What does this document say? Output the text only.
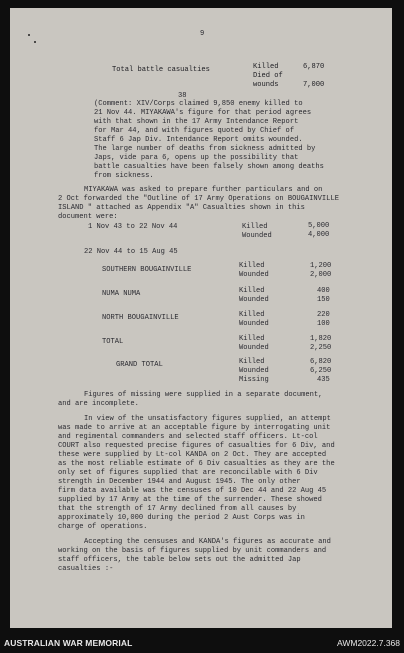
9
Total battle casualties	Killed	6,870
Died of wounds	7,000
38
(Comment: XIV/Corps claimed 9,850 enemy killed to
21 Nov 44. MIYAKAWA's figure for that period agrees
with that shown in the 17 Army Intendance Report
for Mar 44, and with figures quoted by Chief of
Staff 6 Jap Div. Intendance Report omits wounded.
The large number of deaths from sickness admitted by
Japs, vide para 6, opens up the possibility that
battle casualties have been falsely shown among deaths
from sickness.
MIYAKAWA was asked to prepare further particulars and on
2 Oct forwarded the "Outline of 17 Army Operations on BOUGAINVILLE
ISLAND " attached as Appendix "A" Casualties shown in this
document were:
1 Nov 43 to 22 Nov 44	Killed	5,000
Wounded	4,000
22 Nov 44 to 15 Aug 45
SOUTHERN BOUGAINVILLE	Killed	1,200
Wounded	2,000
NUMA NUMA	Killed	400
Wounded	150
NORTH BOUGAINVILLE	Killed	220
Wounded	100
TOTAL	Killed	1,820
Wounded	2,250
GRAND TOTAL	Killed	6,820
Wounded	6,250
Missing	435
Figures of missing were supplied in a separate document,
and are incomplete.
In view of the unsatisfactory figures supplied, an attempt
was made to arrive at an acceptable figure by interrogating unit
and regimental commanders and selected staff officers. Lt-col
COURT also requested precise figures of casualties for 6 Div, and
these were supplied by Lt-col KANDA on 2 Oct. They are accepted
as the most reliable estimate of 6 Div casualties as they are the
only set of figures supplied that are reconcilable with 6 Div
strength in December 1944 and August 1945. The only other
firm data available was the censuses of 10 Dec 44 and 22 Aug 45
supplied by 17 Army at the time of the surrender. These showed
that the strength of 17 Army declined from all causes by
approximately 10,000 during the period 2 Aust Corps was in
charge of operations.
Accepting the censuses and KANDA's figures as accurate and
working on the basis of figures supplied by unit commanders and
staff officers, the table below sets out the admitted Jap
casualties :-
AUSTRALIAN WAR MEMORIAL	AWM2022.7.368
